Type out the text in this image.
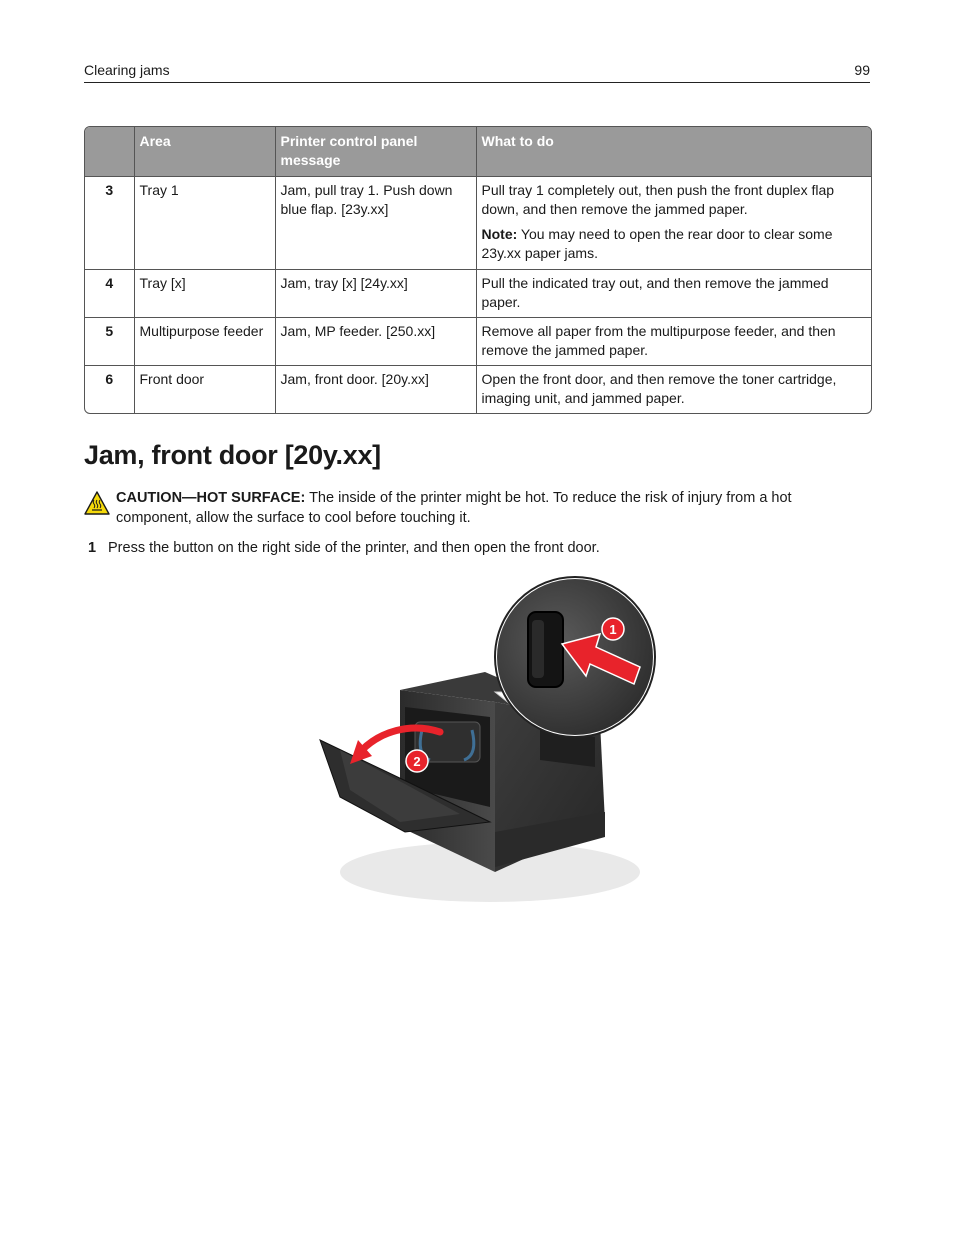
Clearing jams	99
	Area	Printer control panel message	What to do
3	Tray 1	Jam, pull tray 1. Push down blue flap. [23y.xx]	Pull tray 1 completely out, then push the front duplex flap down, and then remove the jammed paper.

Note: You may need to open the rear door to clear some 23y.xx paper jams.

4	Tray [x]	Jam, tray [x] [24y.xx]	Pull the indicated tray out, and then remove the jammed paper.
5	Multipurpose feeder	Jam, MP feeder. [250.xx]	Remove all paper from the multipurpose feeder, and then remove the jammed paper.
6	Front door	Jam, front door. [20y.xx]	Open the front door, and then remove the toner cartridge, imaging unit, and jammed paper.
Jam, front door [20y.xx]
CAUTION—HOT SURFACE: The inside of the printer might be hot. To reduce the risk of injury from a hot component, allow the surface to cool before touching it.
1 Press the button on the right side of the printer, and then open the front door.
1
2
